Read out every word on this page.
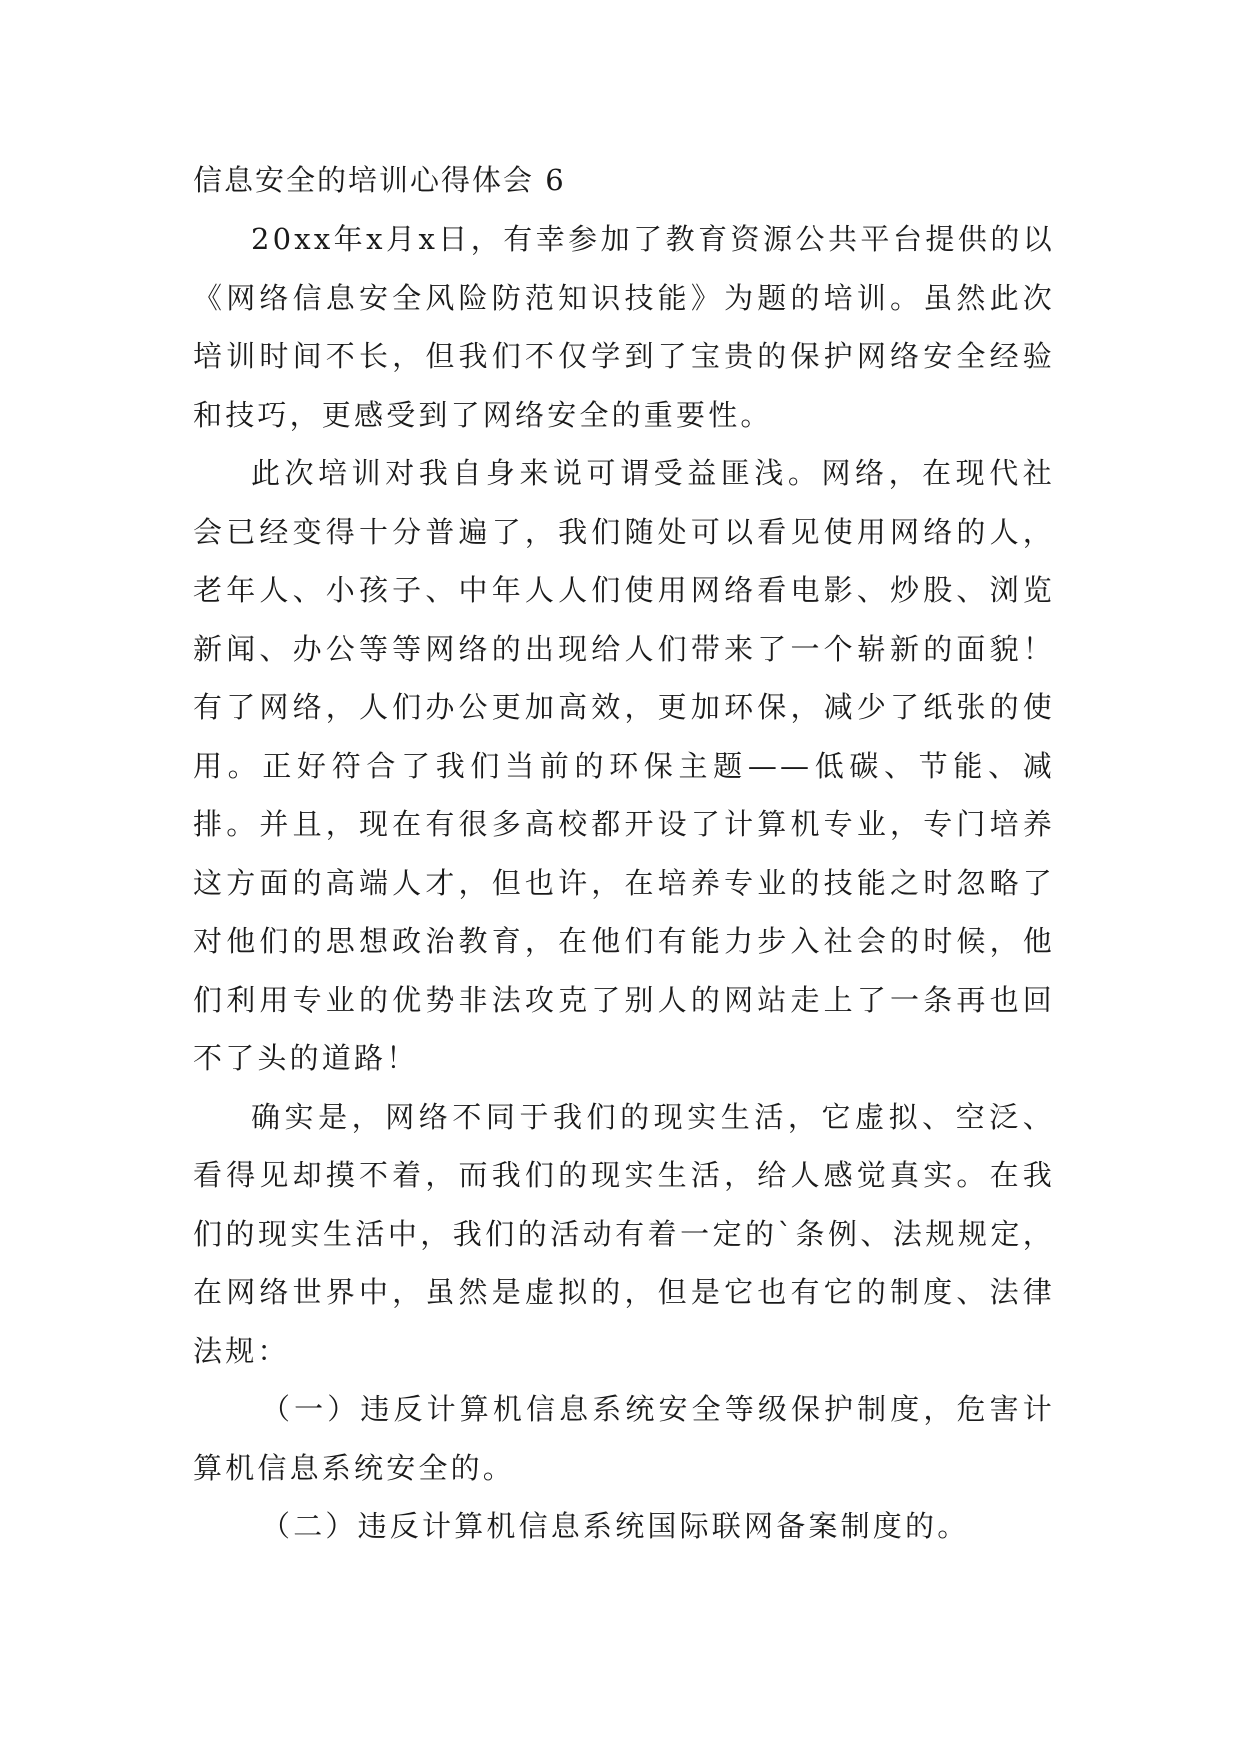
信息安全的培训心得体会 6

20xx年x月x日，有幸参加了教育资源公共平台提供的以《网络信息安全风险防范知识技能》为题的培训。虽然此次培训时间不长，但我们不仅学到了宝贵的保护网络安全经验和技巧，更感受到了网络安全的重要性。

此次培训对我自身来说可谓受益匪浅。网络，在现代社会已经变得十分普遍了，我们随处可以看见使用网络的人，老年人、小孩子、中年人人们使用网络看电影、炒股、浏览新闻、办公等等网络的出现给人们带来了一个崭新的面貌！有了网络，人们办公更加高效，更加环保，减少了纸张的使用。正好符合了我们当前的环保主题——低碳、节能、减排。并且，现在有很多高校都开设了计算机专业，专门培养这方面的高端人才，但也许，在培养专业的技能之时忽略了对他们的思想政治教育，在他们有能力步入社会的时候，他们利用专业的优势非法攻克了别人的网站走上了一条再也回不了头的道路！

确实是，网络不同于我们的现实生活，它虚拟、空泛、看得见却摸不着，而我们的现实生活，给人感觉真实。在我们的现实生活中，我们的活动有着一定的`条例、法规规定，在网络世界中，虽然是虚拟的，但是它也有它的制度、法律法规：

（一）违反计算机信息系统安全等级保护制度，危害计算机信息系统安全的。

（二）违反计算机信息系统国际联网备案制度的。
